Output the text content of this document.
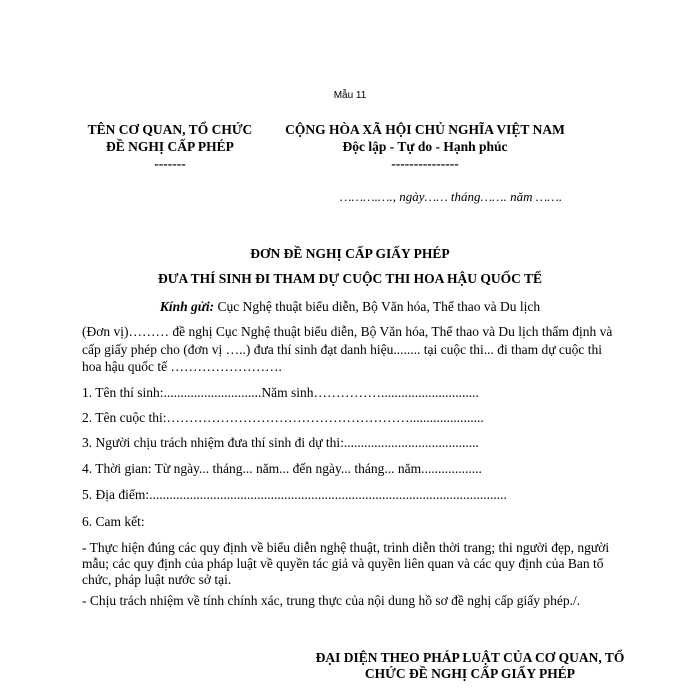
Mẫu 11
TÊN CƠ QUAN, TỔ CHỨC
ĐỀ NGHỊ CẤP PHÉP
-------
CỘNG HÒA XÃ HỘI CHỦ NGHĨA VIỆT NAM
Độc lập - Tự do - Hạnh phúc
---------------
……….…., ngày…… tháng……. năm …….
ĐƠN ĐỀ NGHỊ CẤP GIẤY PHÉP
ĐƯA THÍ SINH ĐI THAM DỰ CUỘC THI HOA HẬU QUỐC TẾ
Kính gửi: Cục Nghệ thuật biểu diễn, Bộ Văn hóa, Thể thao và Du lịch
(Đơn vị)……… đề nghị Cục Nghệ thuật biểu diễn, Bộ Văn hóa, Thể thao và Du lịch thẩm định và cấp giấy phép cho (đơn vị …..) đưa thí sinh đạt danh hiệu........ tại cuộc thi... đi tham dự cuộc thi hoa hậu quốc tế …………………….
1. Tên thí sinh:.............................Năm sinh…………….............................
2. Tên cuộc thi:………………………………………………......................
3. Người chịu trách nhiệm đưa thí sinh đi dự thi:........................................
4. Thời gian: Từ ngày... tháng... năm... đến ngày... tháng... năm..................
5. Địa điểm:..........................................................................................................
6. Cam kết:
- Thực hiện đúng các quy định về biểu diễn nghệ thuật, trình diễn thời trang; thi người đẹp, người mẫu; các quy định của pháp luật về quyền tác giả và quyền liên quan và các quy định của Ban tổ chức, pháp luật nước sở tại.
- Chịu trách nhiệm về tính chính xác, trung thực của nội dung hồ sơ đề nghị cấp giấy phép./.
ĐẠI DIỆN THEO PHÁP LUẬT CỦA CƠ QUAN, TỔ CHỨC ĐỀ NGHỊ CẤP GIẤY PHÉP
